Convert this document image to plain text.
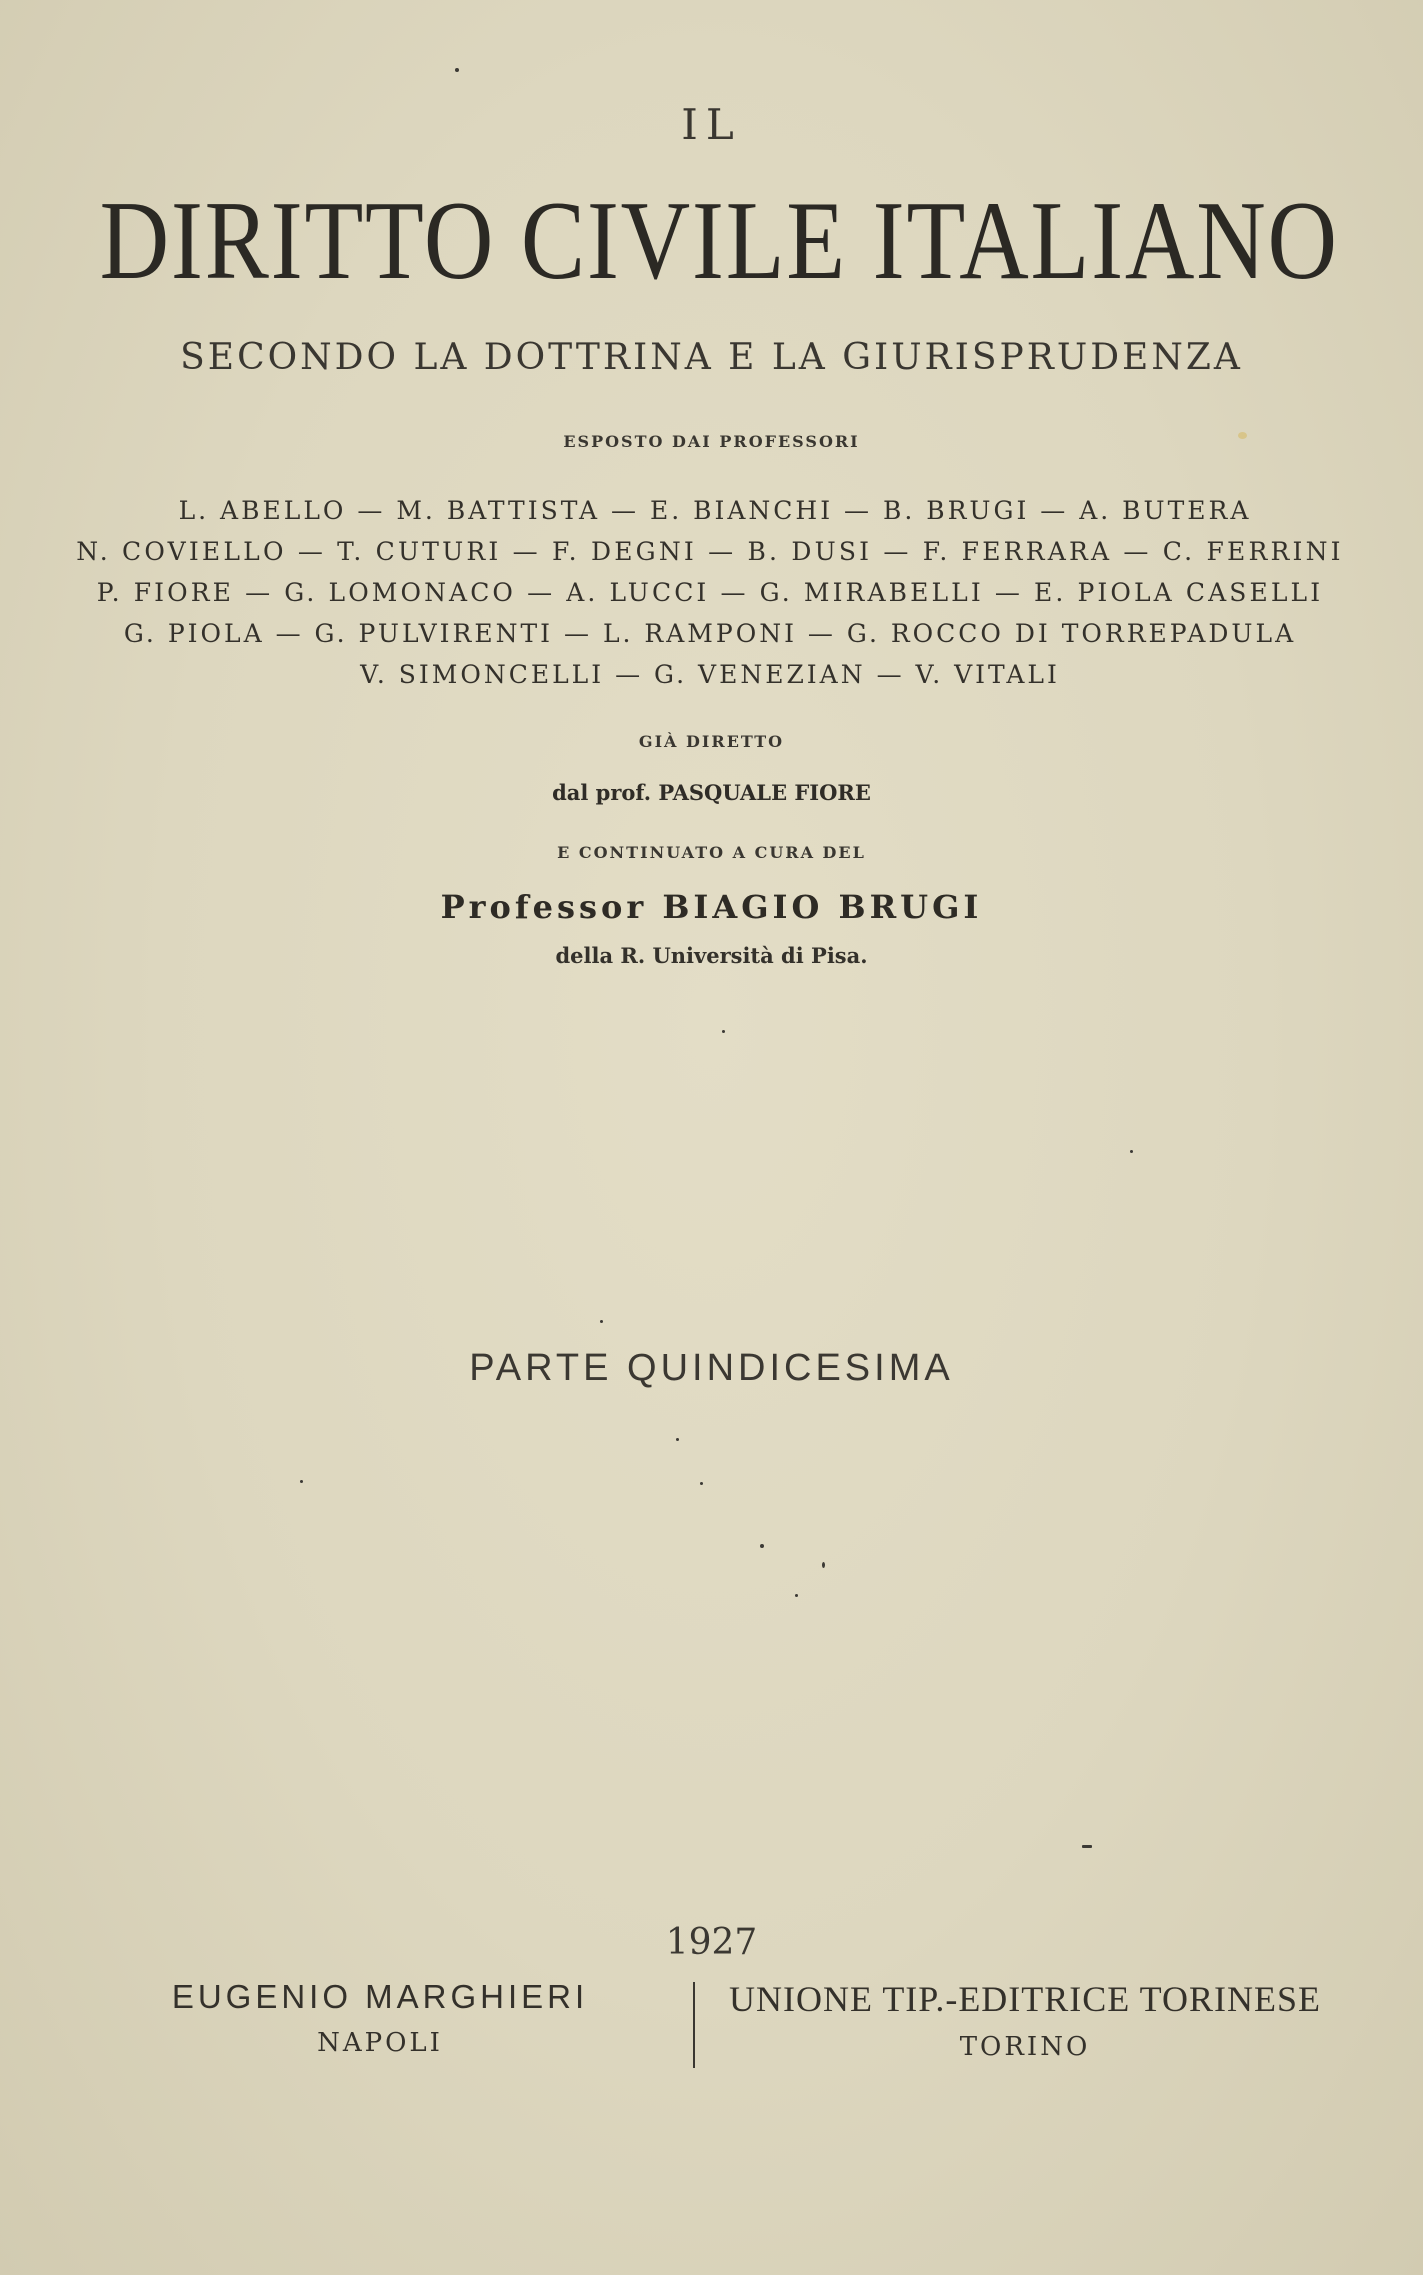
IL
DIRITTO CIVILE ITALIANO
SECONDO LA DOTTRINA E LA GIURISPRUDENZA
ESPOSTO DAI PROFESSORI
L. ABELLO — M. BATTISTA — E. BIANCHI — B. BRUGI — A. BUTERA
N. COVIELLO — T. CUTURI — F. DEGNI — B. DUSI — F. FERRARA — C. FERRINI
P. FIORE — G. LOMONACO — A. LUCCI — G. MIRABELLI — E. PIOLA CASELLI
G. PIOLA — G. PULVIRENTI — L. RAMPONI — G. ROCCO DI TORREPADULA
V. SIMONCELLI — G. VENEZIAN — V. VITALI
GIÀ DIRETTO
dal prof. PASQUALE FIORE
E CONTINUATO A CURA DEL
Professor BIAGIO BRUGI
della R. Università di Pisa.
PARTE QUINDICESIMA
1927
EUGENIO MARGHIERI
NAPOLI
UNIONE TIP.-EDITRICE TORINESE
TORINO
